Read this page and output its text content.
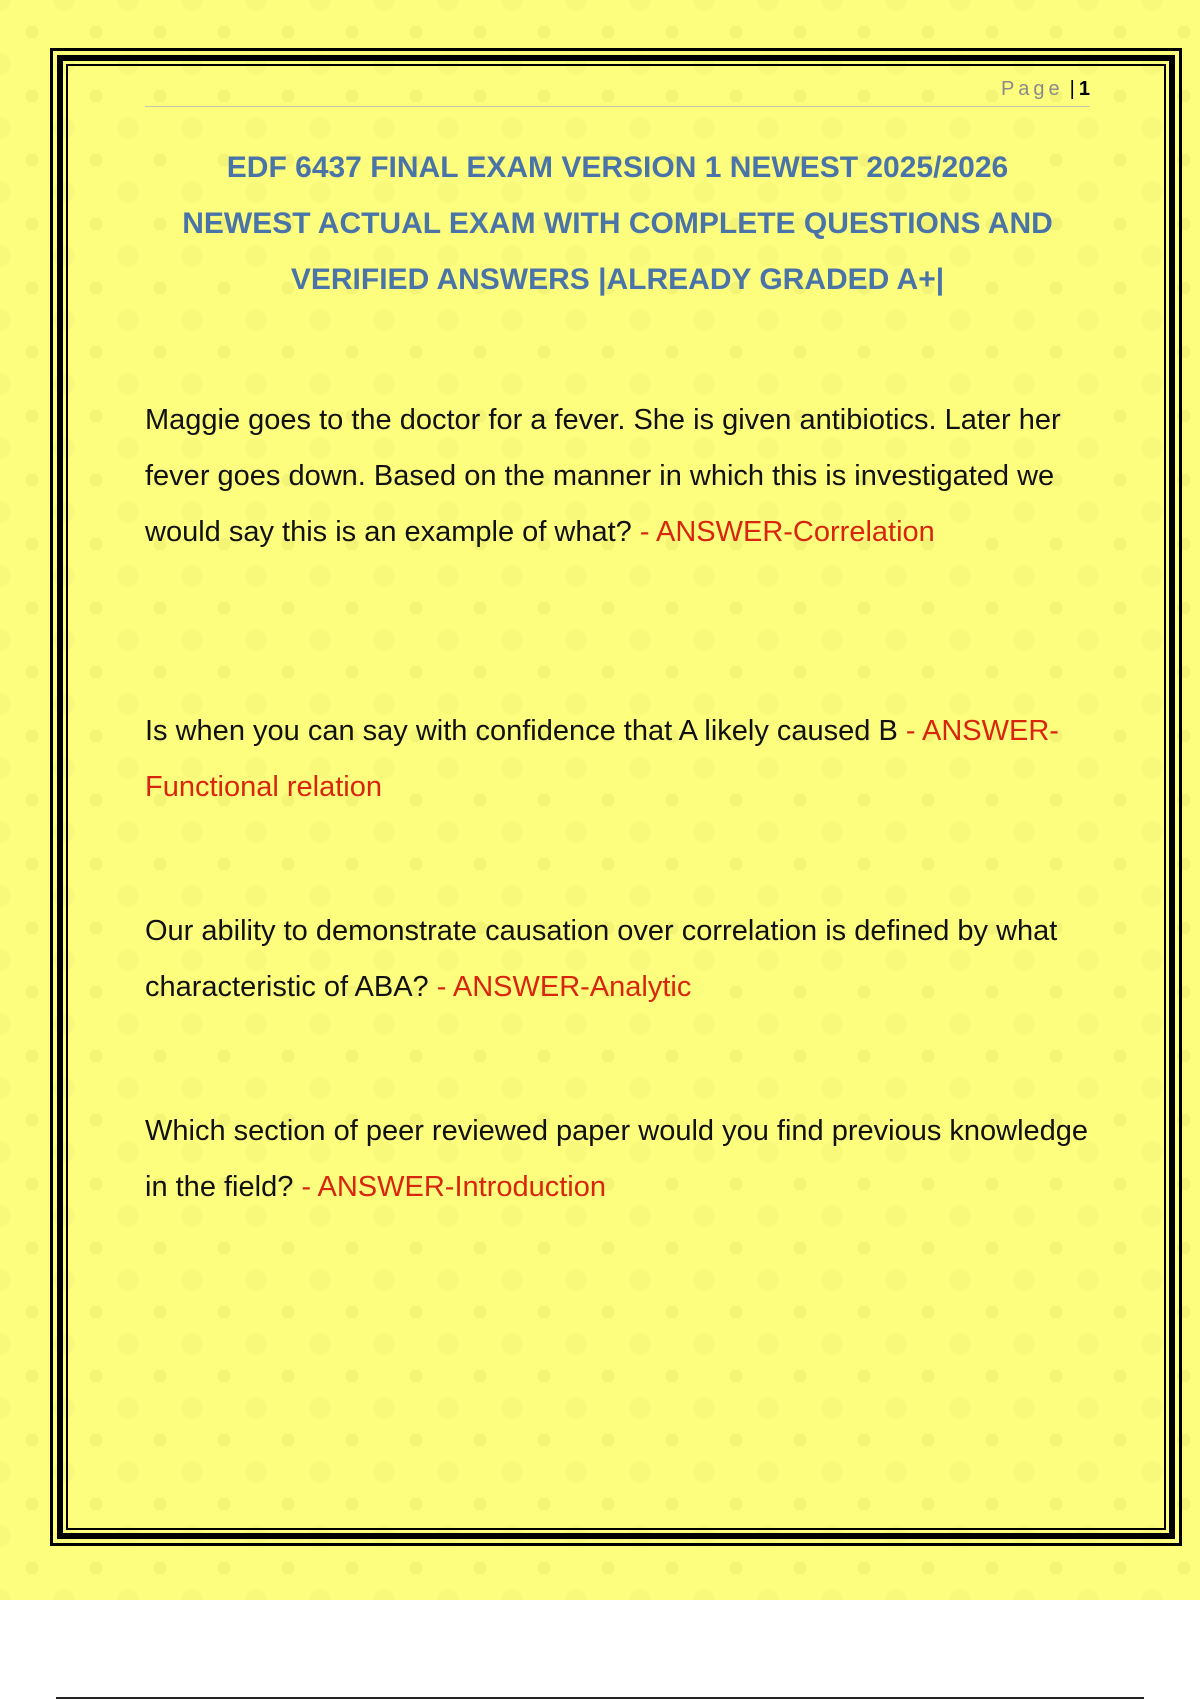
Page | 1
EDF 6437 FINAL EXAM VERSION 1 NEWEST 2025/2026
NEWEST ACTUAL EXAM WITH COMPLETE QUESTIONS AND
VERIFIED ANSWERS |ALREADY GRADED A+|

Maggie goes to the doctor for a fever. She is given antibiotics. Later her fever goes down. Based on the manner in which this is investigated we would say this is an example of what? - ANSWER-Correlation

Is when you can say with confidence that A likely caused B - ANSWER-Functional relation

Our ability to demonstrate causation over correlation is defined by what characteristic of ABA? - ANSWER-Analytic

Which section of peer reviewed paper would you find previous knowledge in the field? - ANSWER-Introduction
